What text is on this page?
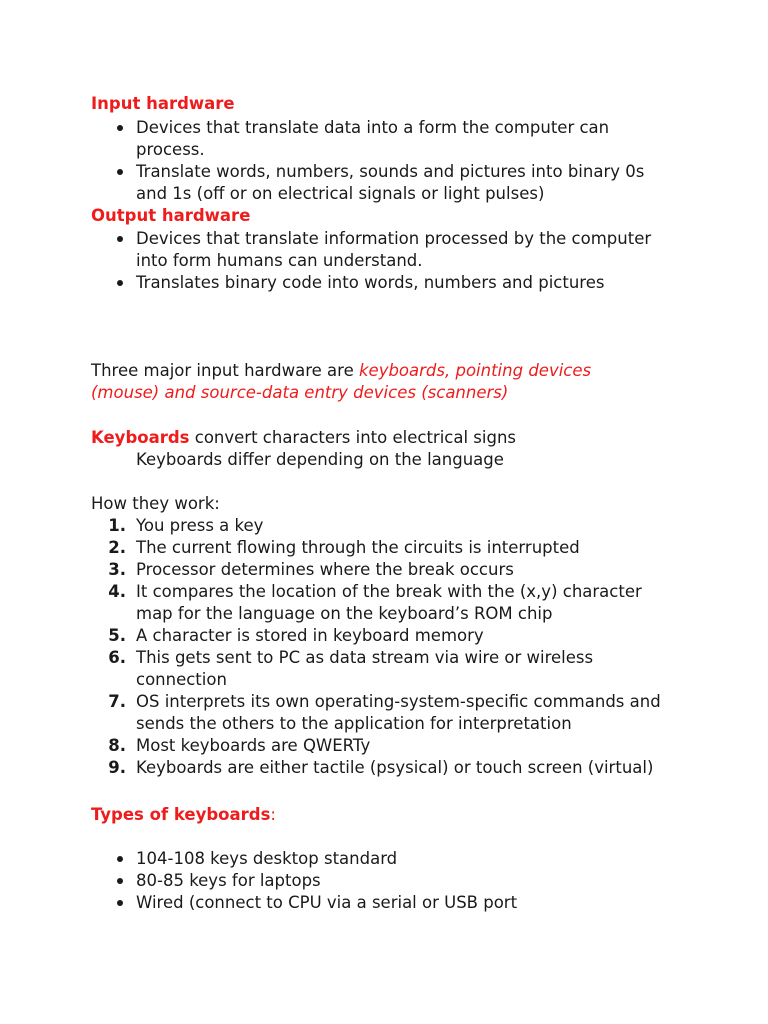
Input hardware
Devices that translate data into a form the computer can
process.
Translate words, numbers, sounds and pictures into binary 0s
and 1s (off or on electrical signals or light pulses)
Output hardware
Devices that translate information processed by the computer
into form humans can understand.
Translates binary code into words, numbers and pictures
Three major input hardware are keyboards, pointing devices
(mouse) and source-data entry devices (scanners)
Keyboards convert characters into electrical signs
Keyboards differ depending on the language
How they work:
1. You press a key
2. The current flowing through the circuits is interrupted
3. Processor determines where the break occurs
4. It compares the location of the break with the (x,y) character
map for the language on the keyboard’s ROM chip
5. A character is stored in keyboard memory
6. This gets sent to PC as data stream via wire or wireless
connection
7. OS interprets its own operating-system-specific commands and
sends the others to the application for interpretation
8. Most keyboards are QWERTy
9. Keyboards are either tactile (psysical) or touch screen (virtual)
Types of keyboards:
104-108 keys desktop standard
80-85 keys for laptops
Wired (connect to CPU via a serial or USB port
